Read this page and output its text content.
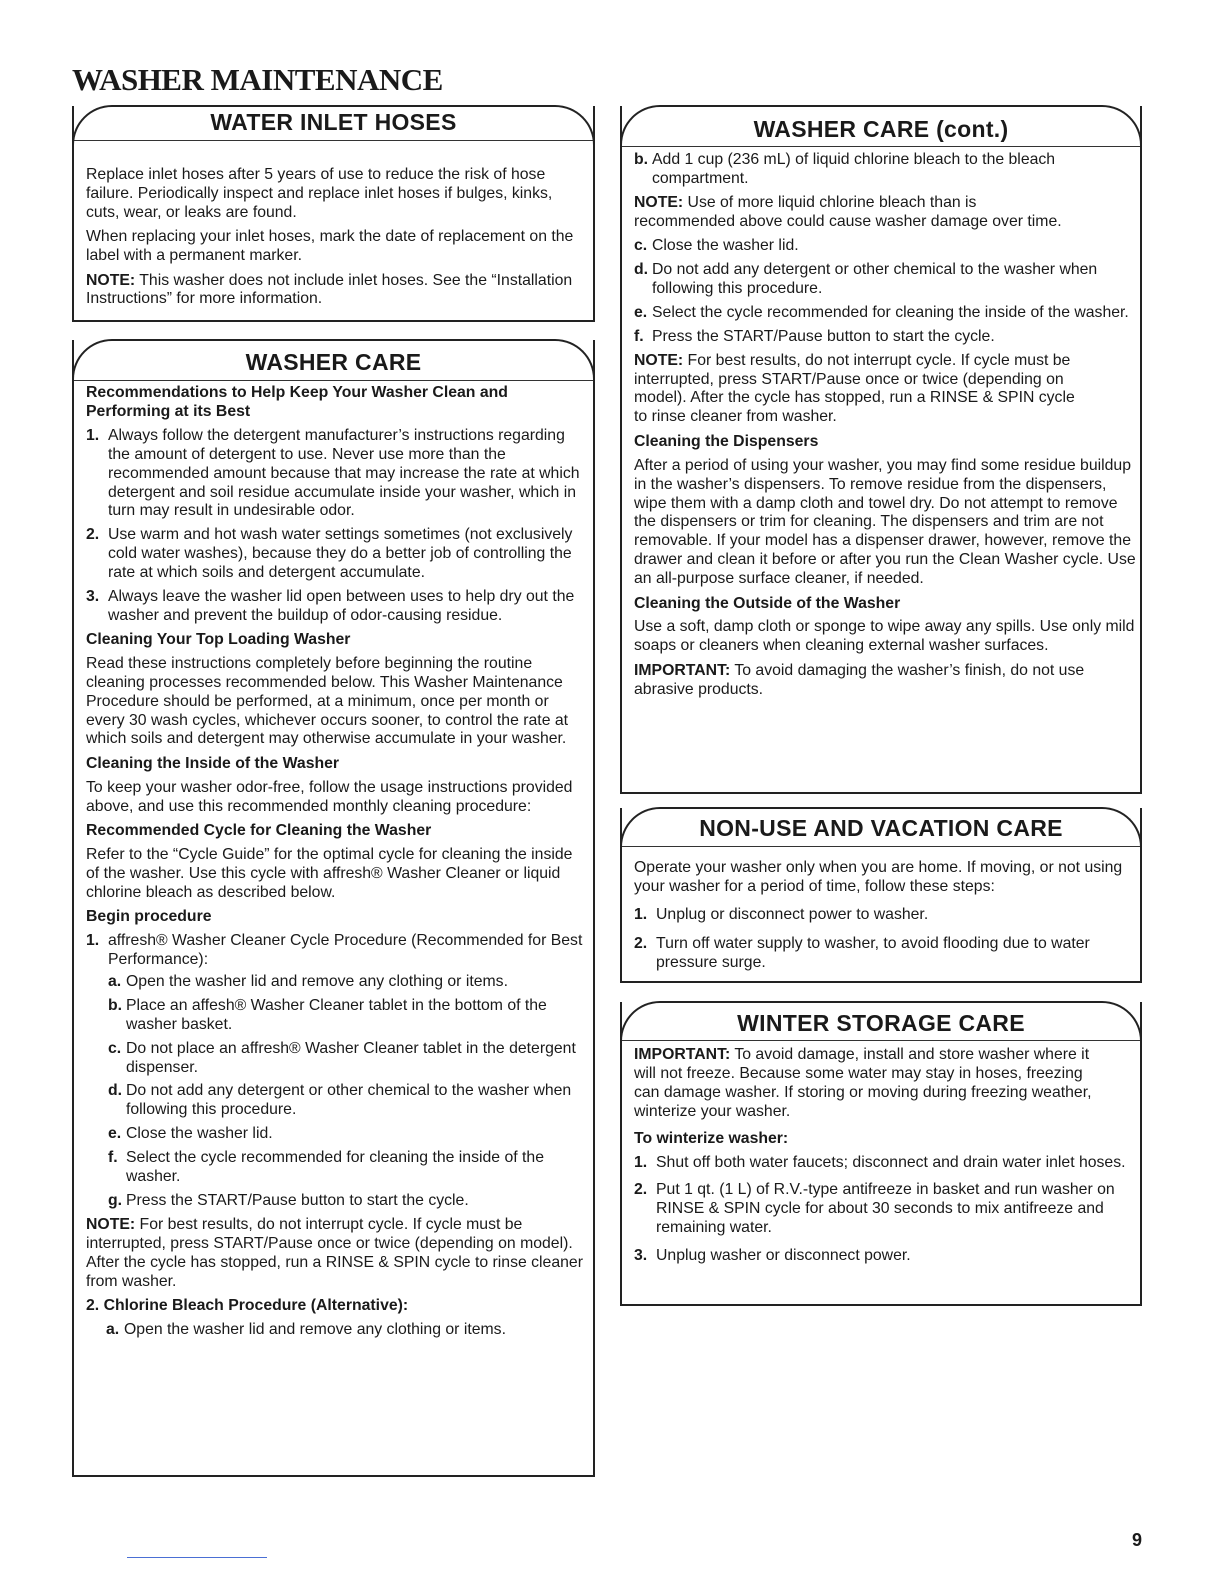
WASHER MAINTENANCE
WATER INLET HOSES

Replace inlet hoses after 5 years of use to reduce the risk of hose failure. Periodically inspect and replace inlet hoses if bulges, kinks, cuts, wear, or leaks are found.

When replacing your inlet hoses, mark the date of replacement on the label with a permanent marker.

NOTE: This washer does not include inlet hoses. See the “Installation Instructions” for more information.

WASHER CARE
Recommendations to Help Keep Your Washer Clean and Performing at its Best
1. Always follow the detergent manufacturer’s instructions regarding the amount of detergent to use. Never use more than the recommended amount because that may increase the rate at which detergent and soil residue accumulate inside your washer, which in turn may result in undesirable odor.
2. Use warm and hot wash water settings sometimes (not exclusively cold water washes), because they do a better job of controlling the rate at which soils and detergent accumulate.
3. Always leave the washer lid open between uses to help dry out the washer and prevent the buildup of odor-causing residue.
Cleaning Your Top Loading Washer

Read these instructions completely before beginning the routine cleaning processes recommended below. This Washer Maintenance Procedure should be performed, at a minimum, once per month or every 30 wash cycles, whichever occurs sooner, to control the rate at which soils and detergent may otherwise accumulate in your washer.

Cleaning the Inside of the Washer

To keep your washer odor-free, follow the usage instructions provided above, and use this recommended monthly cleaning procedure:

Recommended Cycle for Cleaning the Washer

Refer to the “Cycle Guide” for the optimal cycle for cleaning the inside of the washer. Use this cycle with affresh® Washer Cleaner or liquid chlorine bleach as described below.

Begin procedure
1. affresh® Washer Cleaner Cycle Procedure (Recommended for Best Performance):
a. Open the washer lid and remove any clothing or items.
b. Place an affesh® Washer Cleaner tablet in the bottom of the washer basket.
c. Do not place an affresh® Washer Cleaner tablet in the detergent dispenser.
d. Do not add any detergent or other chemical to the washer when following this procedure.
e. Close the washer lid.
f. Select the cycle recommended for cleaning the inside of the washer.
g. Press the START/Pause button to start the cycle.

NOTE: For best results, do not interrupt cycle. If cycle must be interrupted, press START/Pause once or twice (depending on model). After the cycle has stopped, run a RINSE & SPIN cycle to rinse cleaner from washer.

2. Chlorine Bleach Procedure (Alternative):
a. Open the washer lid and remove any clothing or items.
WASHER CARE (cont.)
b. Add 1 cup (236 mL) of liquid chlorine bleach to the bleach compartment.

NOTE: Use of more liquid chlorine bleach than is recommended above could cause washer damage over time.

c. Close the washer lid.
d. Do not add any detergent or other chemical to the washer when following this procedure.
e. Select the cycle recommended for cleaning the inside of the washer.
f. Press the START/Pause button to start the cycle.

NOTE: For best results, do not interrupt cycle. If cycle must be interrupted, press START/Pause once or twice (depending on model). After the cycle has stopped, run a RINSE & SPIN cycle to rinse cleaner from washer.

Cleaning the Dispensers

After a period of using your washer, you may find some residue buildup in the washer’s dispensers. To remove residue from the dispensers, wipe them with a damp cloth and towel dry. Do not attempt to remove the dispensers or trim for cleaning. The dispensers and trim are not removable. If your model has a dispenser drawer, however, remove the drawer and clean it before or after you run the Clean Washer cycle. Use an all-purpose surface cleaner, if needed.

Cleaning the Outside of the Washer

Use a soft, damp cloth or sponge to wipe away any spills. Use only mild soaps or cleaners when cleaning external washer surfaces.

IMPORTANT: To avoid damaging the washer’s finish, do not use abrasive products.

NON-USE AND VACATION CARE

Operate your washer only when you are home. If moving, or not using your washer for a period of time, follow these steps:

1. Unplug or disconnect power to washer.
2. Turn off water supply to washer, to avoid flooding due to water pressure surge.
WINTER STORAGE CARE

IMPORTANT: To avoid damage, install and store washer where it will not freeze. Because some water may stay in hoses, freezing can damage washer. If storing or moving during freezing weather, winterize your washer.

To winterize washer:
1. Shut off both water faucets; disconnect and drain water inlet hoses.
2. Put 1 qt. (1 L) of R.V.-type antifreeze in basket and run washer on RINSE & SPIN cycle for about 30 seconds to mix antifreeze and remaining water.
3. Unplug washer or disconnect power.
9
